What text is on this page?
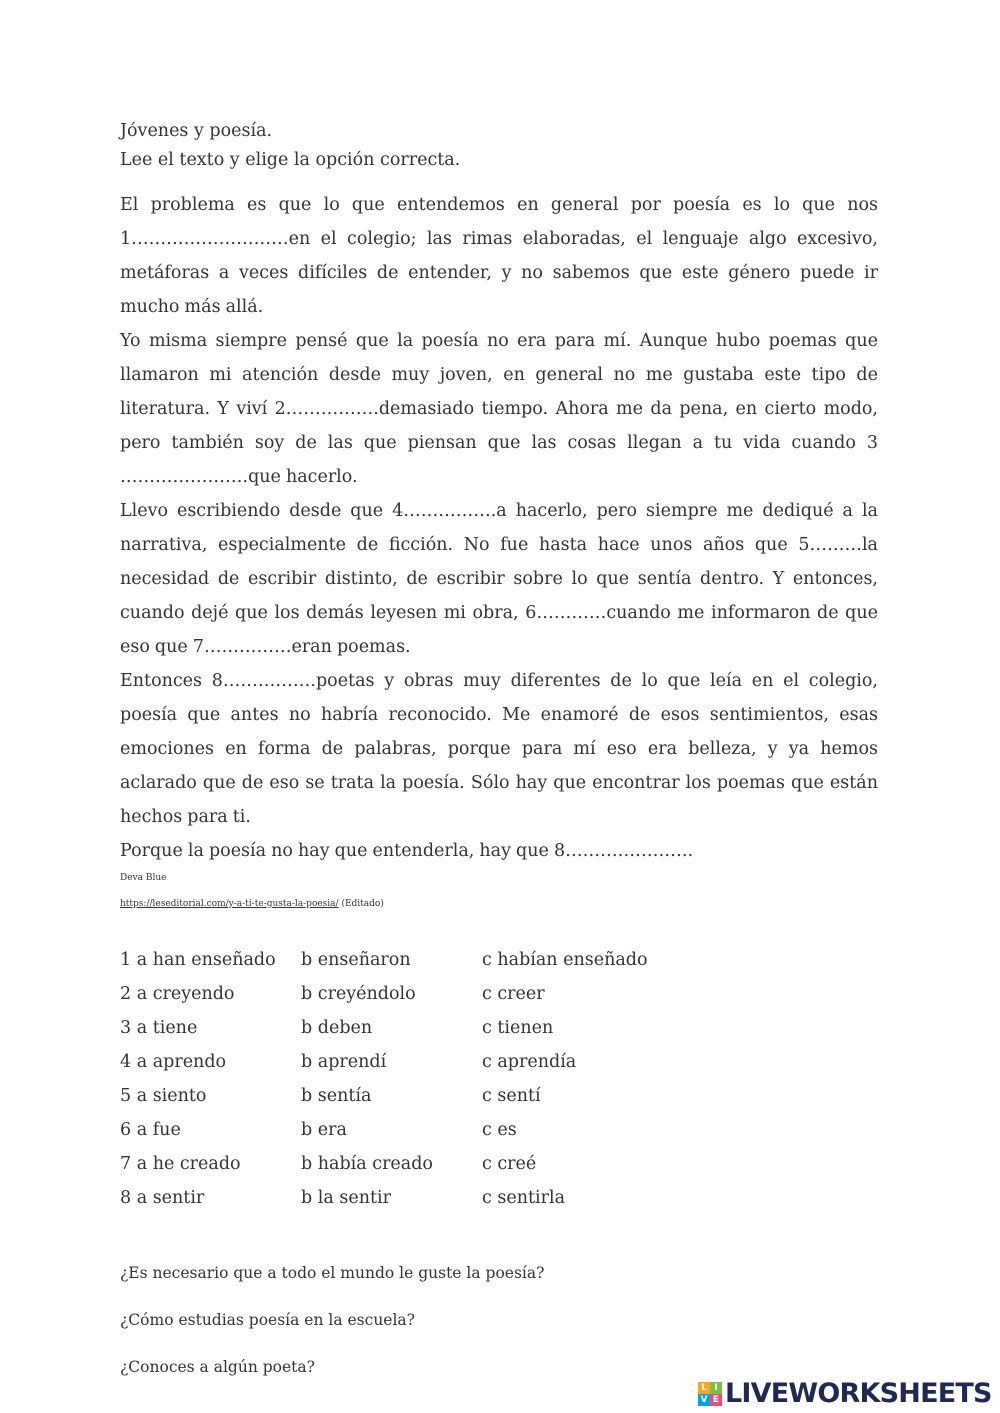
Jóvenes y poesía.

Lee el texto y elige la opción correcta.

El problema es que lo que entendemos en general por poesía es lo que nos 1………………………en el colegio; las rimas elaboradas, el lenguaje algo excesivo, metáforas a veces difíciles de entender, y no sabemos que este género puede ir mucho más allá.

Yo misma siempre pensé que la poesía no era para mí. Aunque hubo poemas que llamaron mi atención desde muy joven, en general no me gustaba este tipo de literatura. Y viví 2…………….demasiado tiempo. Ahora me da pena, en cierto modo, pero también soy de las que piensan que las cosas llegan a tu vida cuando 3 ………………….que hacerlo.

Llevo escribiendo desde que 4…………….a hacerlo, pero siempre me dediqué a la narrativa, especialmente de ficción. No fue hasta hace unos años que 5………la necesidad de escribir distinto, de escribir sobre lo que sentía dentro. Y entonces, cuando dejé que los demás leyesen mi obra, 6…………cuando me informaron de que eso que 7……………eran poemas.

Entonces 8…………….poetas y obras muy diferentes de lo que leía en el colegio, poesía que antes no habría reconocido. Me enamoré de esos sentimientos, esas emociones en forma de palabras, porque para mí eso era belleza, y ya hemos aclarado que de eso se trata la poesía. Sólo hay que encontrar los poemas que están hechos para ti.

Porque la poesía no hay que entenderla, hay que 8………………….

Deva Blue
https://leseditorial.com/y-a-ti-te-gusta-la-poesia/ (Editado)
1 a han enseñado	b enseñaron	c habían enseñado
2 a creyendo	b creyéndolo	c creer
3 a tiene	b deben	c tienen
4 a aprendo	b aprendí	c aprendía
5 a siento	b sentía	c sentí
6 a fue	b era	c es
7 a he creado	b había creado	c creé
8 a sentir	b la sentir	c sentirla

¿Es necesario que a todo el mundo le guste la poesía?

¿Cómo estudias poesía en la escuela?

¿Conoces a algún poeta?

L I
V E LIVEWORKSHEETS
